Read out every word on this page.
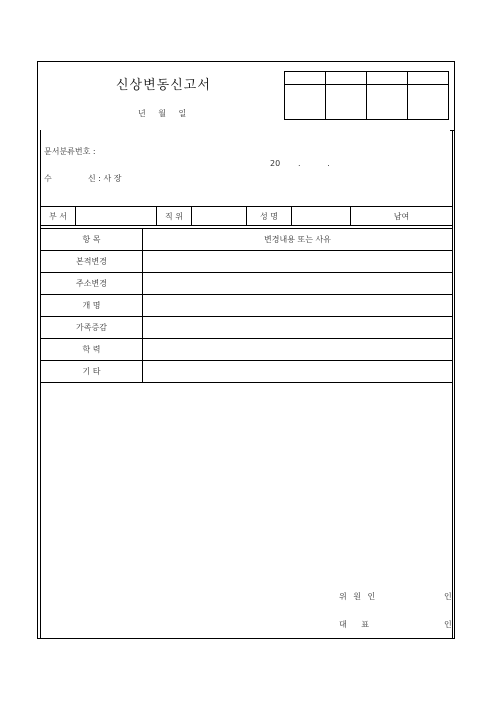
신상변동신고서
년 월 일

문서분류번호 :
20 . .
수	신 : 사 장
부 서		직 위		성 명		남여
항 목	변경내용 또는 사유
본적변경	
주소변경	
개 명	
가족증감	
학 력	
기 타	
위 원 인	인
대 표	인
